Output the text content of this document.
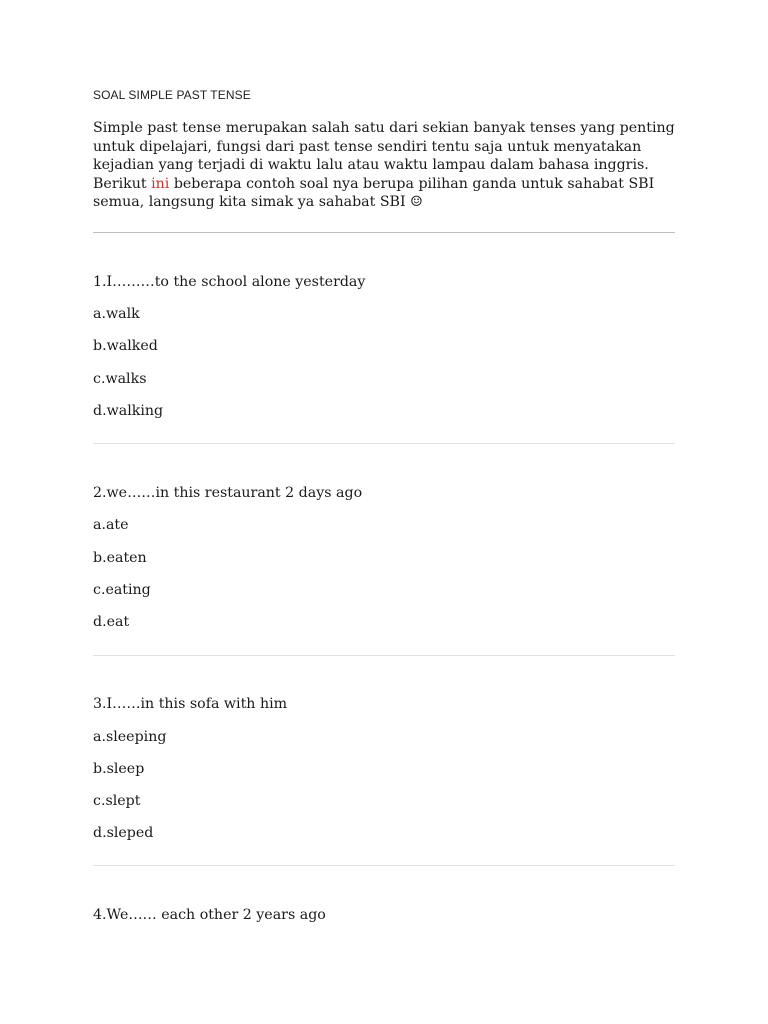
SOAL SIMPLE PAST TENSE

Simple past tense merupakan salah satu dari sekian banyak tenses yang penting untuk dipelajari, fungsi dari past tense sendiri tentu saja untuk menyatakan kejadian yang terjadi di waktu lalu atau waktu lampau dalam bahasa inggris. Berikut ini beberapa contoh soal nya berupa pilihan ganda untuk sahabat SBI semua, langsung kita simak ya sahabat SBI ☺

1.I………to the school alone yesterday
a.walk
b.walked
c.walks
d.walking
2.we……in this restaurant 2 days ago
a.ate
b.eaten
c.eating
d.eat
3.I……in this sofa with him
a.sleeping
b.sleep
c.slept
d.sleped
4.We…… each other 2 years ago
